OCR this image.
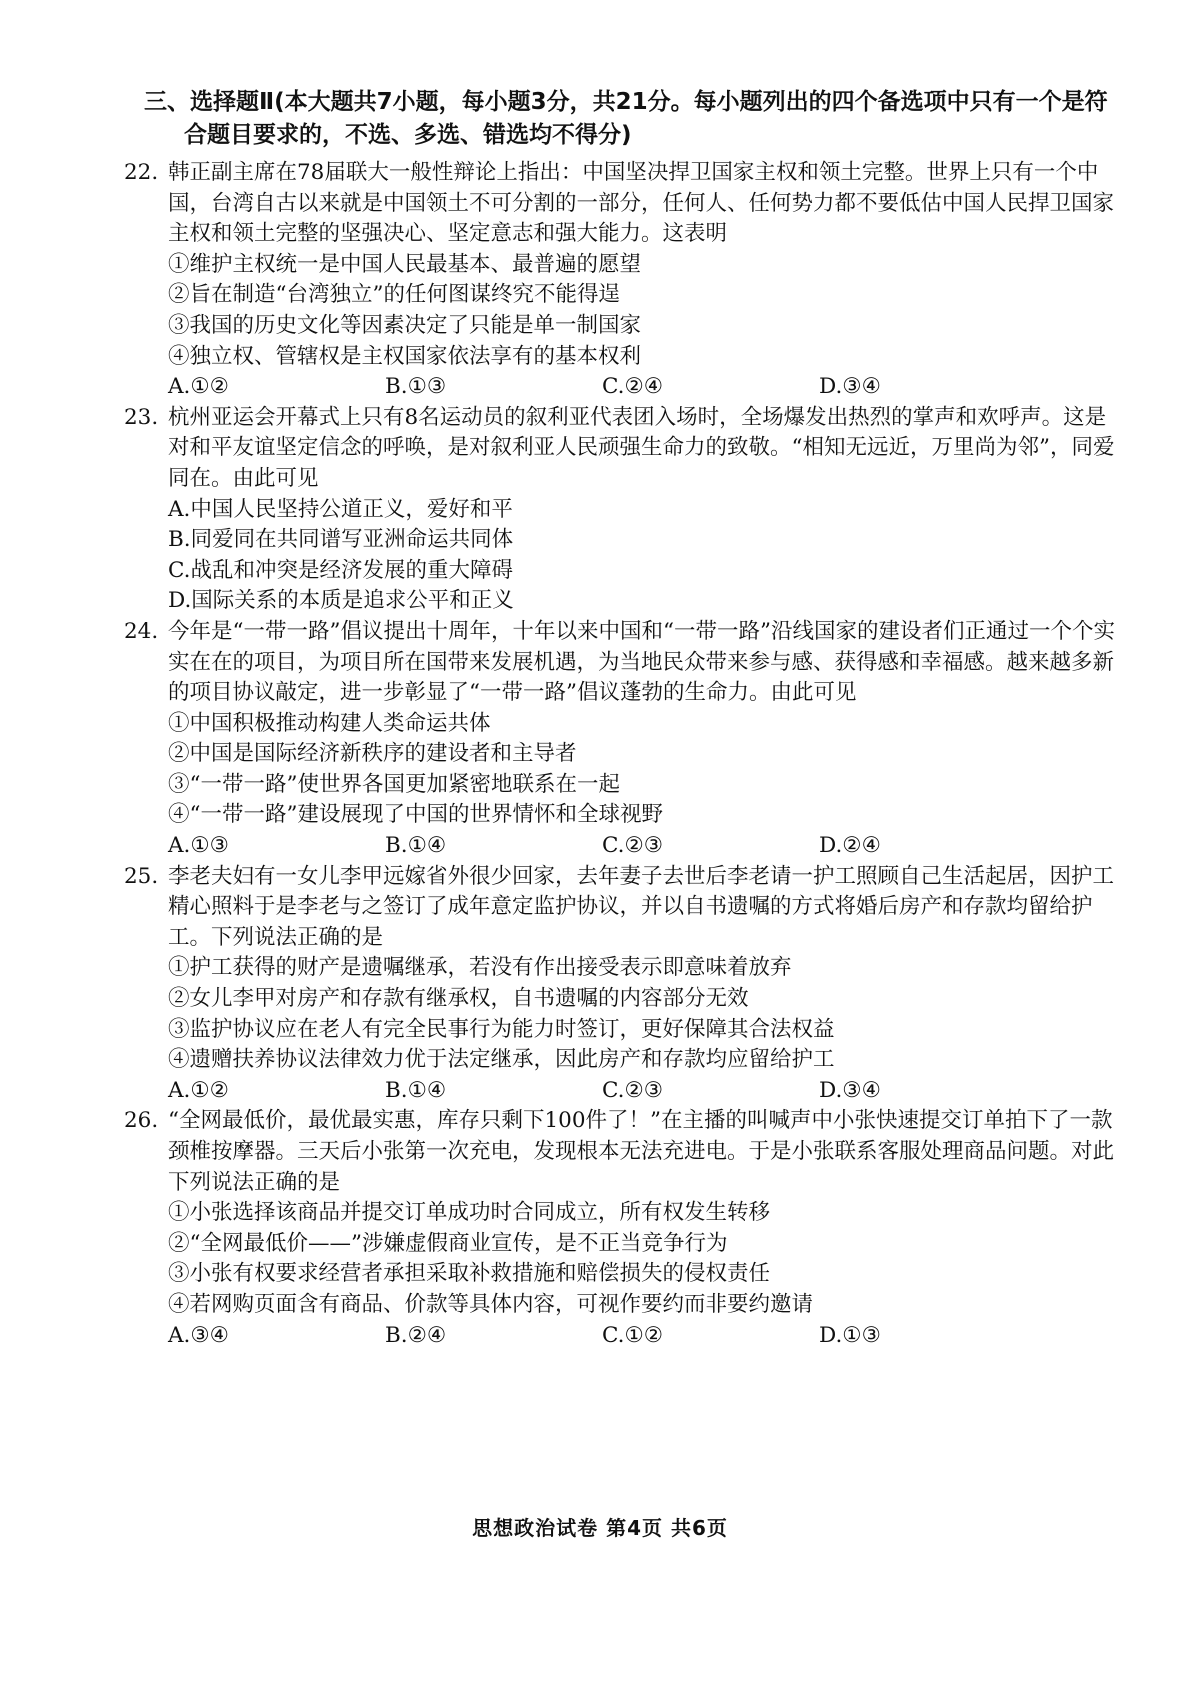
三、选择题Ⅱ(本大题共7小题，每小题3分，共21分。每小题列出的四个备选项中只有一个是符合题目要求的，不选、多选、错选均不得分)

22. 韩正副主席在78届联大一般性辩论上指出：中国坚决捍卫国家主权和领土完整。世界上只有一个中国，台湾自古以来就是中国领土不可分割的一部分，任何人、任何势力都不要低估中国人民捍卫国家主权和领土完整的坚强决心、坚定意志和强大能力。这表明

①维护主权统一是中国人民最基本、最普遍的愿望

②旨在制造“台湾独立”的任何图谋终究不能得逞

③我国的历史文化等因素决定了只能是单一制国家

④独立权、管辖权是主权国家依法享有的基本权利

A.①②	B.①③	C.②④	D.③④

23. 杭州亚运会开幕式上只有8名运动员的叙利亚代表团入场时，全场爆发出热烈的掌声和欢呼声。这是对和平友谊坚定信念的呼唤，是对叙利亚人民顽强生命力的致敬。“相知无远近，万里尚为邻”，同爱同在。由此可见

A.中国人民坚持公道正义，爱好和平

B.同爱同在共同谱写亚洲命运共同体

C.战乱和冲突是经济发展的重大障碍

D.国际关系的本质是追求公平和正义

24. 今年是“一带一路”倡议提出十周年，十年以来中国和“一带一路”沿线国家的建设者们正通过一个个实实在在的项目，为项目所在国带来发展机遇，为当地民众带来参与感、获得感和幸福感。越来越多新的项目协议敲定，进一步彰显了“一带一路”倡议蓬勃的生命力。由此可见

①中国积极推动构建人类命运共体

②中国是国际经济新秩序的建设者和主导者

③“一带一路”使世界各国更加紧密地联系在一起

④“一带一路”建设展现了中国的世界情怀和全球视野

A.①③	B.①④	C.②③	D.②④

25. 李老夫妇有一女儿李甲远嫁省外很少回家，去年妻子去世后李老请一护工照顾自己生活起居，因护工精心照料于是李老与之签订了成年意定监护协议，并以自书遗嘱的方式将婚后房产和存款均留给护工。下列说法正确的是

①护工获得的财产是遗嘱继承，若没有作出接受表示即意味着放弃

②女儿李甲对房产和存款有继承权，自书遗嘱的内容部分无效

③监护协议应在老人有完全民事行为能力时签订，更好保障其合法权益

④遗赠扶养协议法律效力优于法定继承，因此房产和存款均应留给护工

A.①②	B.①④	C.②③	D.③④

26. “全网最低价，最优最实惠，库存只剩下100件了！”在主播的叫喊声中小张快速提交订单拍下了一款颈椎按摩器。三天后小张第一次充电，发现根本无法充进电。于是小张联系客服处理商品问题。对此下列说法正确的是

①小张选择该商品并提交订单成功时合同成立，所有权发生转移

②“全网最低价——”涉嫌虚假商业宣传，是不正当竞争行为

③小张有权要求经营者承担采取补救措施和赔偿损失的侵权责任

④若网购页面含有商品、价款等具体内容，可视作要约而非要约邀请

A.③④	B.②④	C.①②	D.①③
思想政治试卷 第4页 共6页
